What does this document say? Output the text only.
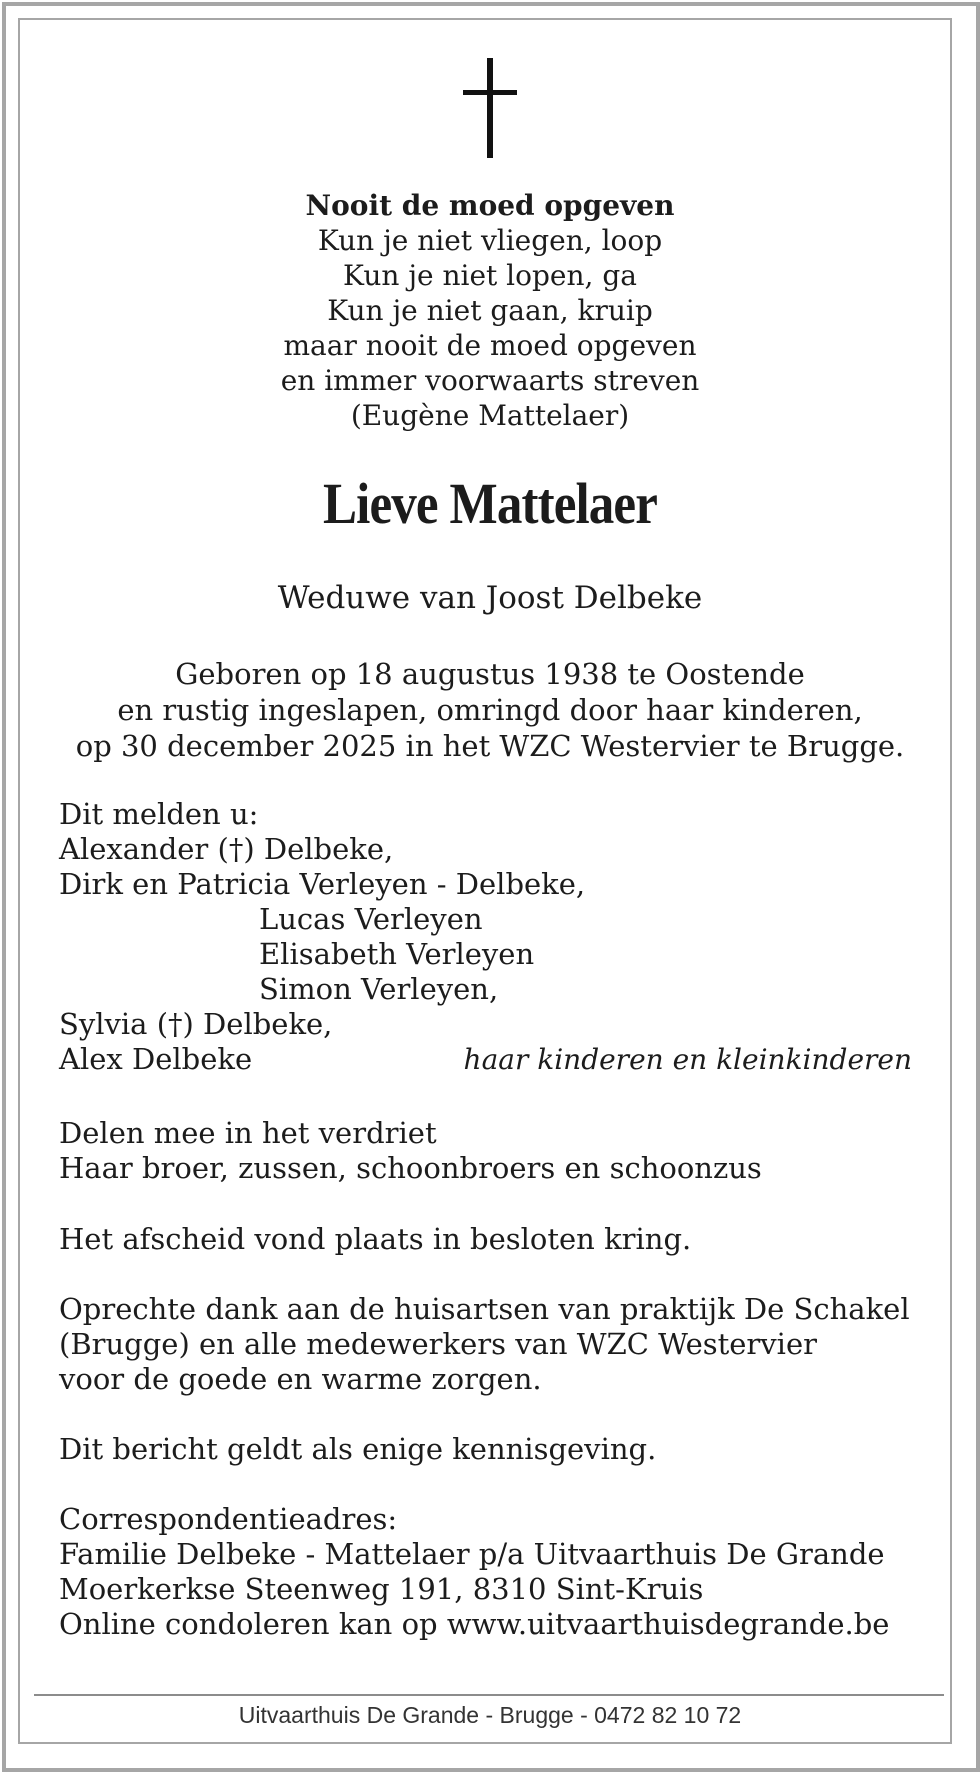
Nooit de moed opgeven
Kun je niet vliegen, loop
Kun je niet lopen, ga
Kun je niet gaan, kruip
maar nooit de moed opgeven
en immer voorwaarts streven
(Eugène Mattelaer)
Lieve Mattelaer
Weduwe van Joost Delbeke
Geboren op 18 augustus 1938 te Oostende
en rustig ingeslapen, omringd door haar kinderen,
op 30 december 2025 in het WZC Westervier te Brugge.
Dit melden u:
Alexander (†) Delbeke,
Dirk en Patricia Verleyen - Delbeke,
Lucas Verleyen
Elisabeth Verleyen
Simon Verleyen,
Sylvia (†) Delbeke,
Alex Delbeke	haar kinderen en kleinkinderen
Delen mee in het verdriet
Haar broer, zussen, schoonbroers en schoonzus
Het afscheid vond plaats in besloten kring.
Oprechte dank aan de huisartsen van praktijk De Schakel
(Brugge) en alle medewerkers van WZC Westervier
voor de goede en warme zorgen.
Dit bericht geldt als enige kennisgeving.
Correspondentieadres:
Familie Delbeke - Mattelaer p/a Uitvaarthuis De Grande
Moerkerkse Steenweg 191, 8310 Sint-Kruis
Online condoleren kan op www.uitvaarthuisdegrande.be
Uitvaarthuis De Grande - Brugge - 0472 82 10 72
